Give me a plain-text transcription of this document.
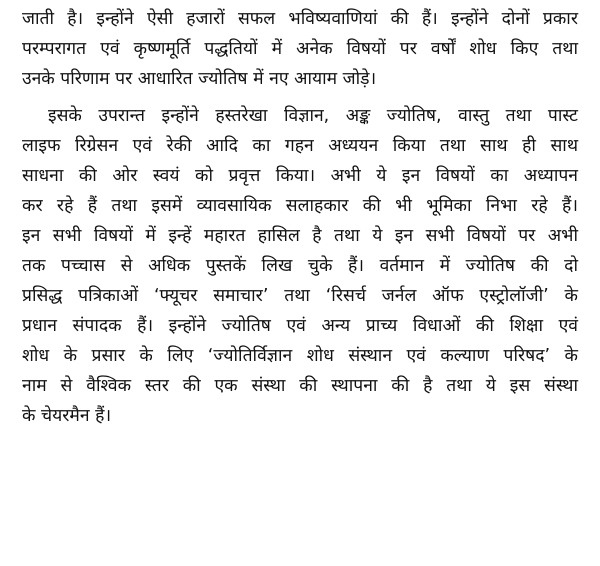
जाती है। इन्होंने ऐसी हजारों सफल भविष्यवाणियां की हैं। इन्होंने दोनों प्रकार
परम्परागत एवं कृष्णमूर्ति पद्धतियों में अनेक विषयों पर वर्षों शोध किए तथा
उनके परिणाम पर आधारित ज्योतिष में नए आयाम जोड़े।
इसके उपरान्त इन्होंने हस्तरेखा विज्ञान, अङ्क ज्योतिष, वास्तु तथा पास्ट
लाइफ रिग्रेसन एवं रेकी आदि का गहन अध्ययन किया तथा साथ ही साथ
साधना की ओर स्वयं को प्रवृत्त किया। अभी ये इन विषयों का अध्यापन
कर रहे हैं तथा इसमें व्यावसायिक सलाहकार की भी भूमिका निभा रहे हैं।
इन सभी विषयों में इन्हें महारत हासिल है तथा ये इन सभी विषयों पर अभी
तक पच्चास से अधिक पुस्तकें लिख चुके हैं। वर्तमान में ज्योतिष की दो
प्रसिद्ध पत्रिकाओं ‘फ्यूचर समाचार’ तथा ‘रिसर्च जर्नल ऑफ एस्ट्रोलॉजी’ के
प्रधान संपादक हैं। इन्होंने ज्योतिष एवं अन्य प्राच्य विधाओं की शिक्षा एवं
शोध के प्रसार के लिए ‘ज्योतिर्विज्ञान शोध संस्थान एवं कल्याण परिषद’ के
नाम से वैश्विक स्तर की एक संस्था की स्थापना की है तथा ये इस संस्था
के चेयरमैन हैं।
